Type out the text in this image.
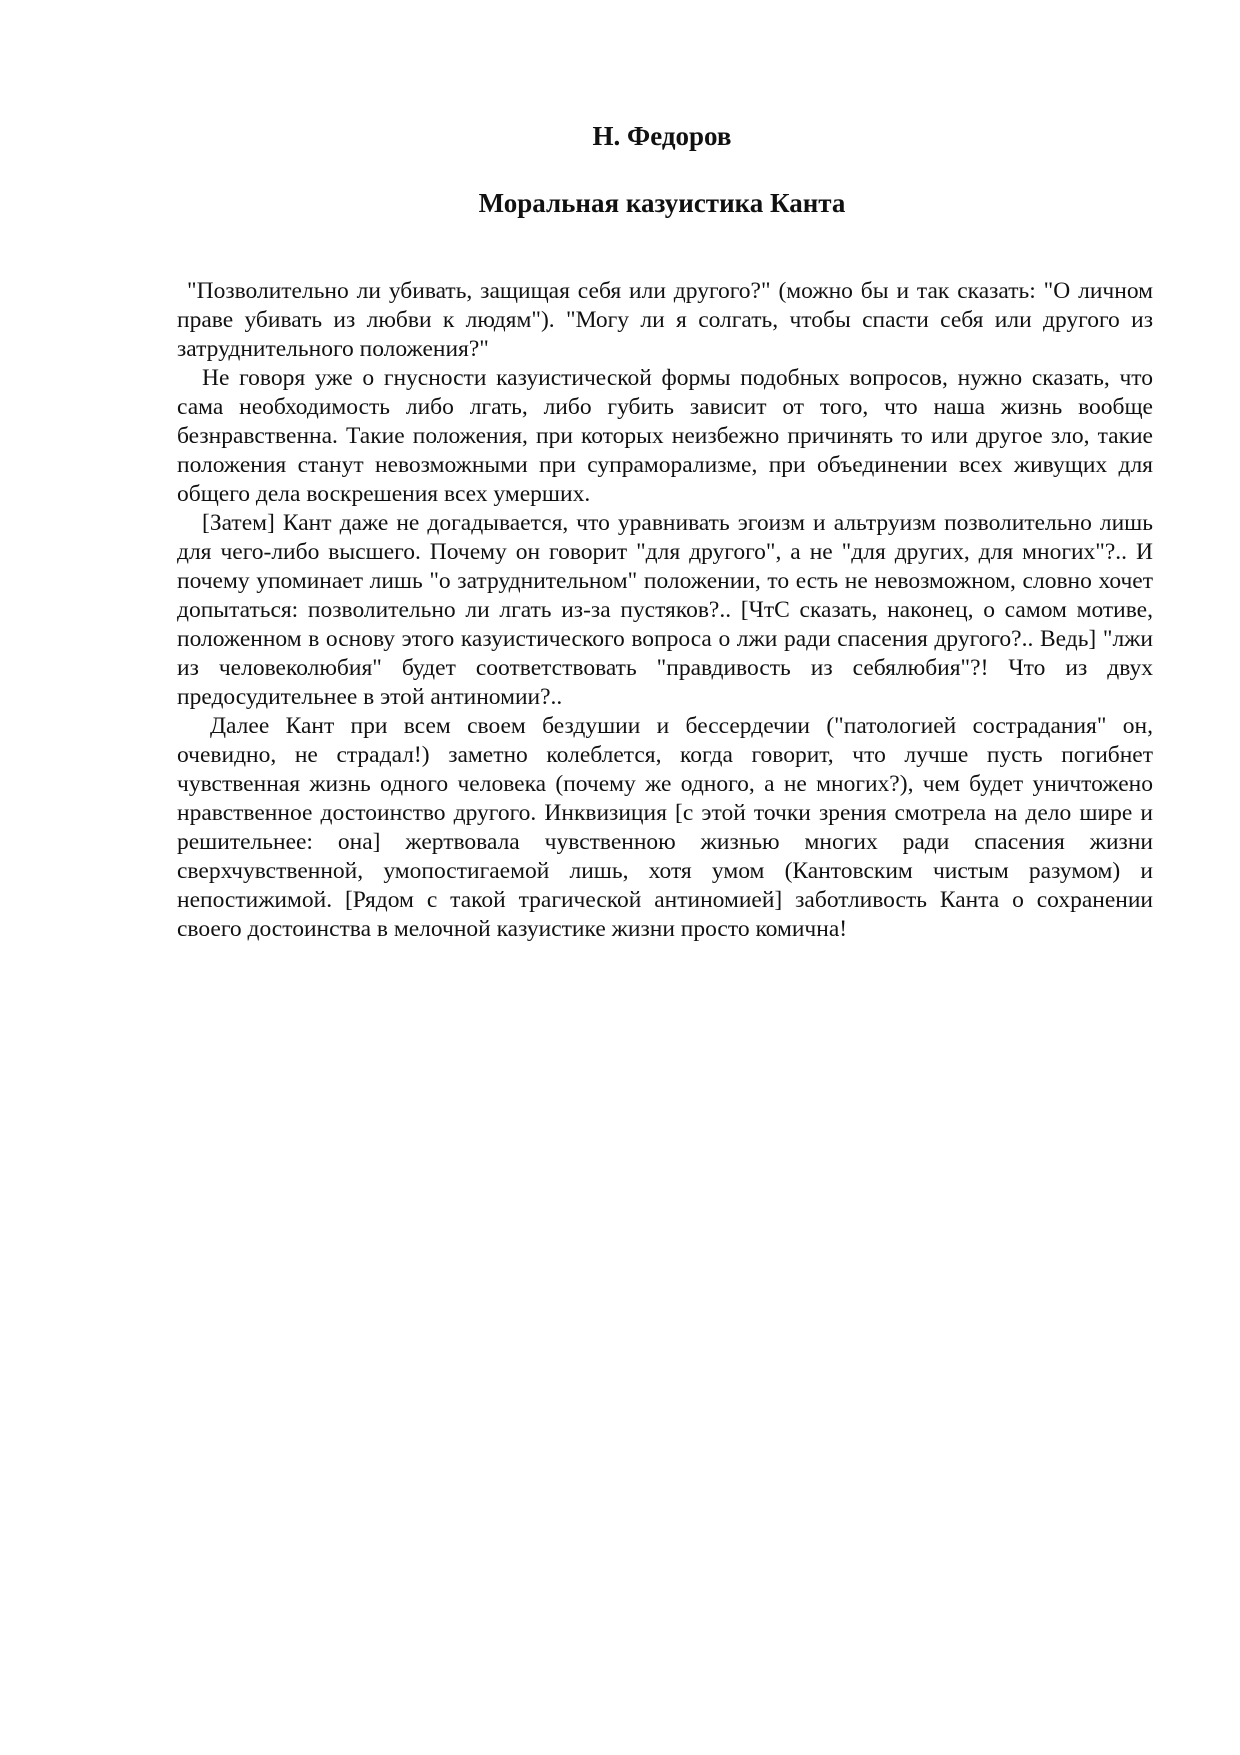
Н. Федоров
Моральная казуистика Канта

"Позволительно ли убивать, защищая себя или другого?" (можно бы и так сказать: "О личном праве убивать из любви к людям"). "Могу ли я солгать, чтобы спасти себя или другого из затруднительного положения?"

Не говоря уже о гнусности казуистической формы подобных вопросов, нужно сказать, что сама необходимость либо лгать, либо губить зависит от того, что наша жизнь вообще безнравственна. Такие положения, при которых неизбежно причинять то или другое зло, такие положения станут невозможными при супраморализме, при объединении всех живущих для общего дела воскрешения всех умерших.

[Затем] Кант даже не догадывается, что уравнивать эгоизм и альтруизм позволительно лишь для чего-либо высшего. Почему он говорит "для другого", а не "для других, для многих"?.. И почему упоминает лишь "о затруднительном" положении, то есть не невозможном, словно хочет допытаться: позволительно ли лгать из-за пустяков?.. [ЧтС сказать, наконец, о самом мотиве, положенном в основу этого казуистического вопроса о лжи ради спасения другого?.. Ведь] "лжи из человеколюбия" будет соответствовать "правдивость из себялюбия"?! Что из двух предосудительнее в этой антиномии?..

Далее Кант при всем своем бездушии и бессердечии ("патологией сострадания" он, очевидно, не страдал!) заметно колеблется, когда говорит, что лучше пусть погибнет чувственная жизнь одного человека (почему же одного, а не многих?), чем будет уничтожено нравственное достоинство другого. Инквизиция [с этой точки зрения смотрела на дело шире и решительнее: она] жертвовала чувственною жизнью многих ради спасения жизни сверхчувственной, умопостигаемой лишь, хотя умом (Кантовским чистым разумом) и непостижимой. [Рядом с такой трагической антиномией] заботливость Канта о сохранении своего достоинства в мелочной казуистике жизни просто комична!
